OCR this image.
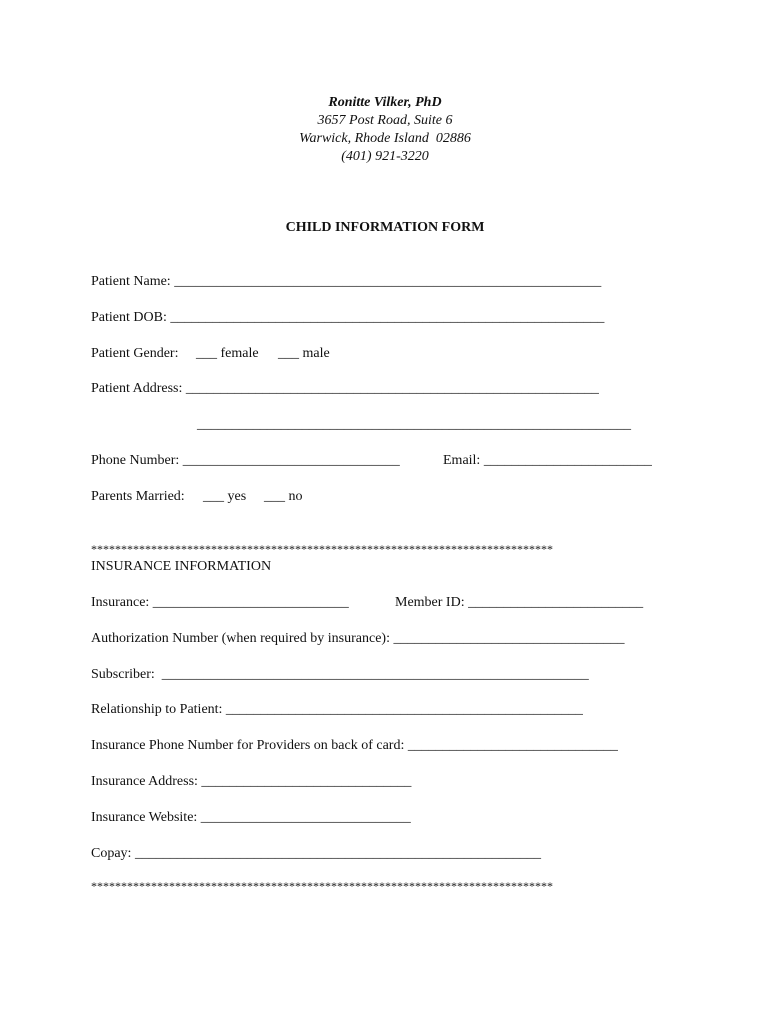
Ronitte Vilker, PhD
3657 Post Road, Suite 6
Warwick, Rhode Island  02886
(401) 921-3220
CHILD INFORMATION FORM
Patient Name: _____________________________________________________________
Patient DOB: ______________________________________________________________
Patient Gender: ___ female ___ male
Patient Address: ___________________________________________________________
______________________________________________________________
Phone Number: _______________________________	Email: ________________________
Parents Married: ___ yes ___ no
*****************************************************************************
INSURANCE INFORMATION
Insurance: ____________________________	Member ID: _________________________
Authorization Number (when required by insurance): _________________________________
Subscriber:  _____________________________________________________________
Relationship to Patient: ___________________________________________________
Insurance Phone Number for Providers on back of card: ______________________________
Insurance Address: ______________________________
Insurance Website: ______________________________
Copay: __________________________________________________________
*****************************************************************************
